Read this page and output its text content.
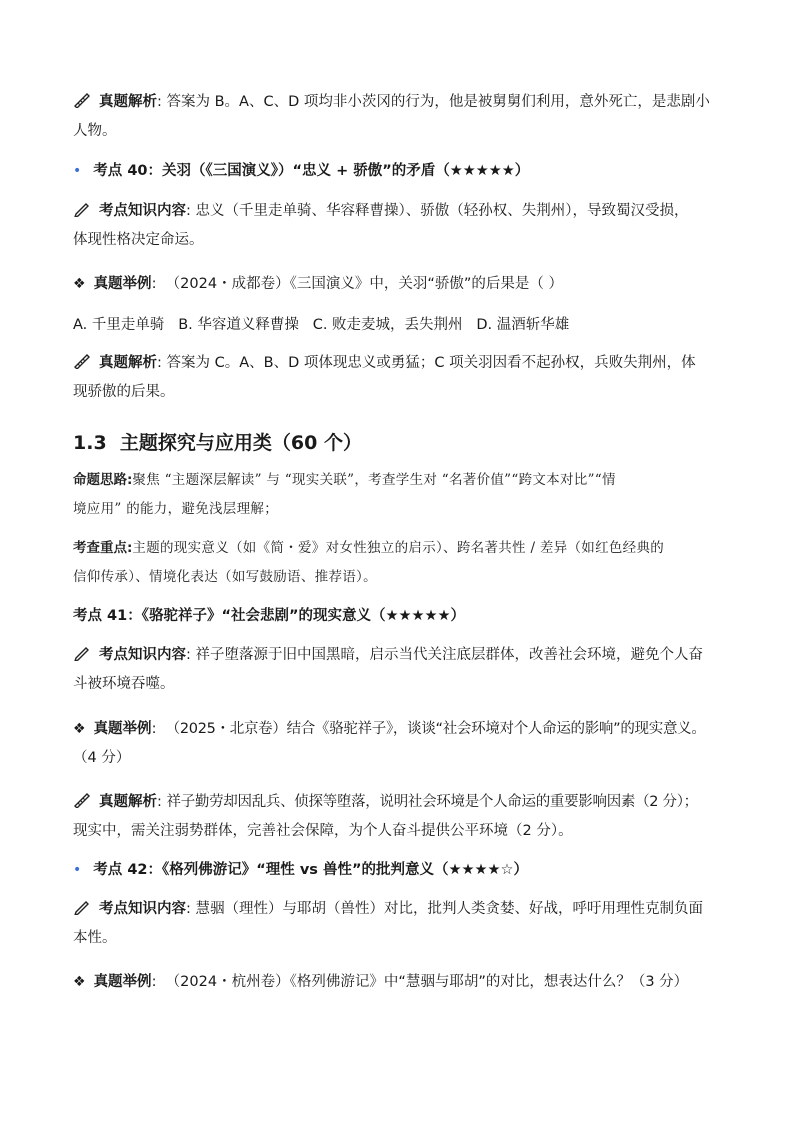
真题解析: 答案为 B。A、C、D 项均非小茨冈的行为，他是被舅舅们利用，意外死亡，是悲剧小
人物。
• 考点 40：关羽（《三国演义》）“忠义 + 骄傲”的矛盾（★★★★★）
考点知识内容: 忠义（千里走单骑、华容释曹操）、骄傲（轻孙权、失荆州），导致蜀汉受损，
体现性格决定命运。
❖ 真题举例: （2024・成都卷）《三国演义》中，关羽“骄傲”的后果是（ ）
A. 千里走单骑   B. 华容道义释曹操   C. 败走麦城，丢失荆州   D. 温酒斩华雄
真题解析: 答案为 C。A、B、D 项体现忠义或勇猛；C 项关羽因看不起孙权，兵败失荆州，体
现骄傲的后果。
1.3  主题探究与应用类（60 个）
命题思路:聚焦 “主题深层解读” 与 “现实关联”，考查学生对 “名著价值”“跨文本对比”“情
境应用” 的能力，避免浅层理解；
考查重点:主题的现实意义（如《简・爱》对女性独立的启示）、跨名著共性 / 差异（如红色经典的
信仰传承）、情境化表达（如写鼓励语、推荐语）。
考点 41：《骆驼祥子》“社会悲剧”的现实意义（★★★★★）
考点知识内容: 祥子堕落源于旧中国黑暗，启示当代关注底层群体，改善社会环境，避免个人奋
斗被环境吞噬。
❖ 真题举例: （2025・北京卷）结合《骆驼祥子》，谈谈“社会环境对个人命运的影响”的现实意义。
（4 分）
真题解析: 祥子勤劳却因乱兵、侦探等堕落，说明社会环境是个人命运的重要影响因素（2 分）；
现实中，需关注弱势群体，完善社会保障，为个人奋斗提供公平环境（2 分）。
• 考点 42：《格列佛游记》“理性 vs 兽性”的批判意义（★★★★☆）
考点知识内容: 慧骃（理性）与耶胡（兽性）对比，批判人类贪婪、好战，呼吁用理性克制负面
本性。
❖ 真题举例: （2024・杭州卷）《格列佛游记》中“慧骃与耶胡”的对比，想表达什么？（3 分）
